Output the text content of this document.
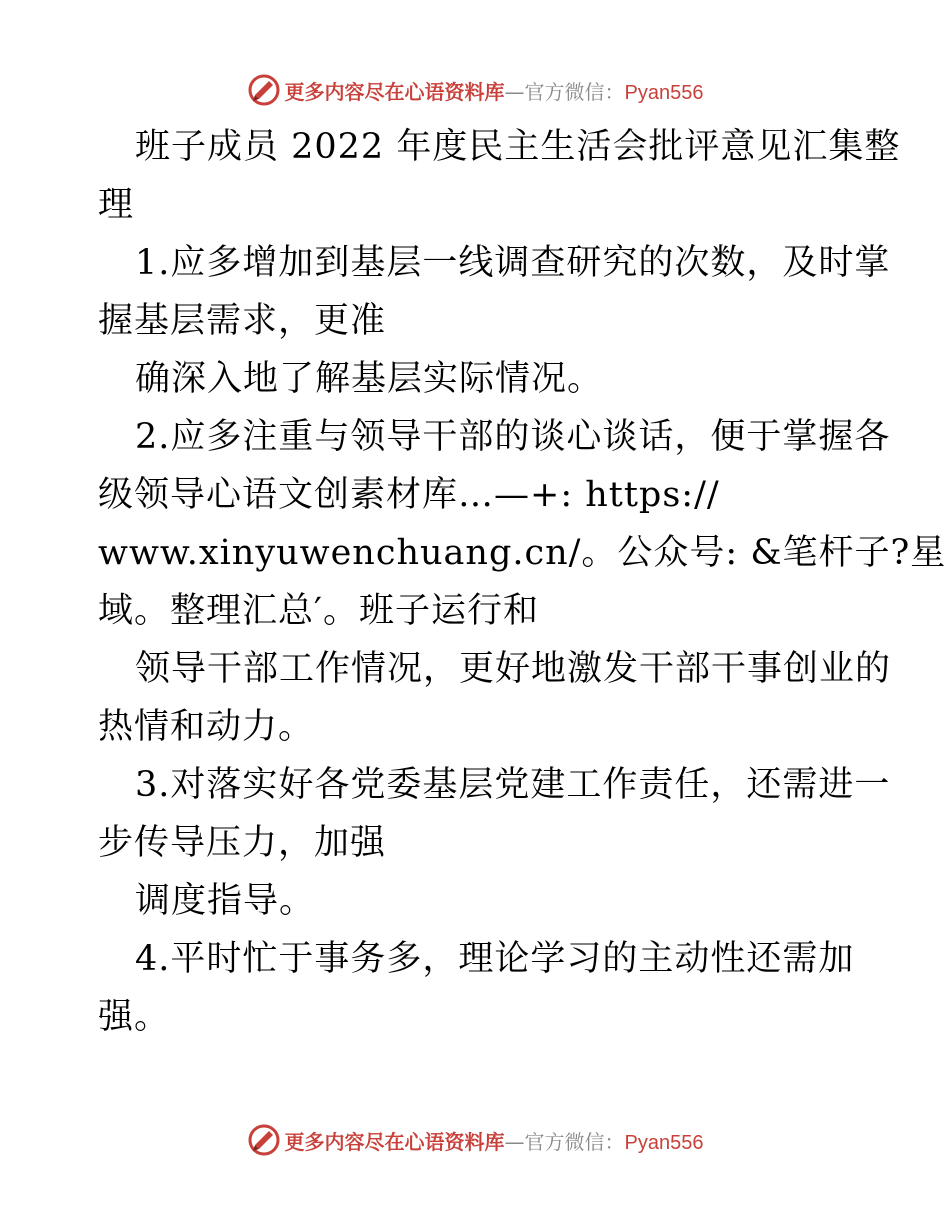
更多内容尽在心语资料库—官方微信：Pyan556
班子成员 2022 年度民主生活会批评意见汇集整
理
1.应多增加到基层一线调查研究的次数，及时掌
握基层需求，更准
确深入地了解基层实际情况。
2.应多注重与领导干部的谈心谈话，便于掌握各
级领导心语文创素材库…—+: https://
www.xinyuwenchuang.cn/。公众号: &笔杆子?星
域。整理汇总′。班子运行和
领导干部工作情况，更好地激发干部干事创业的
热情和动力。
3.对落实好各党委基层党建工作责任，还需进一
步传导压力，加强
调度指导。
4.平时忙于事务多，理论学习的主动性还需加
强。
更多内容尽在心语资料库—官方微信：Pyan556
